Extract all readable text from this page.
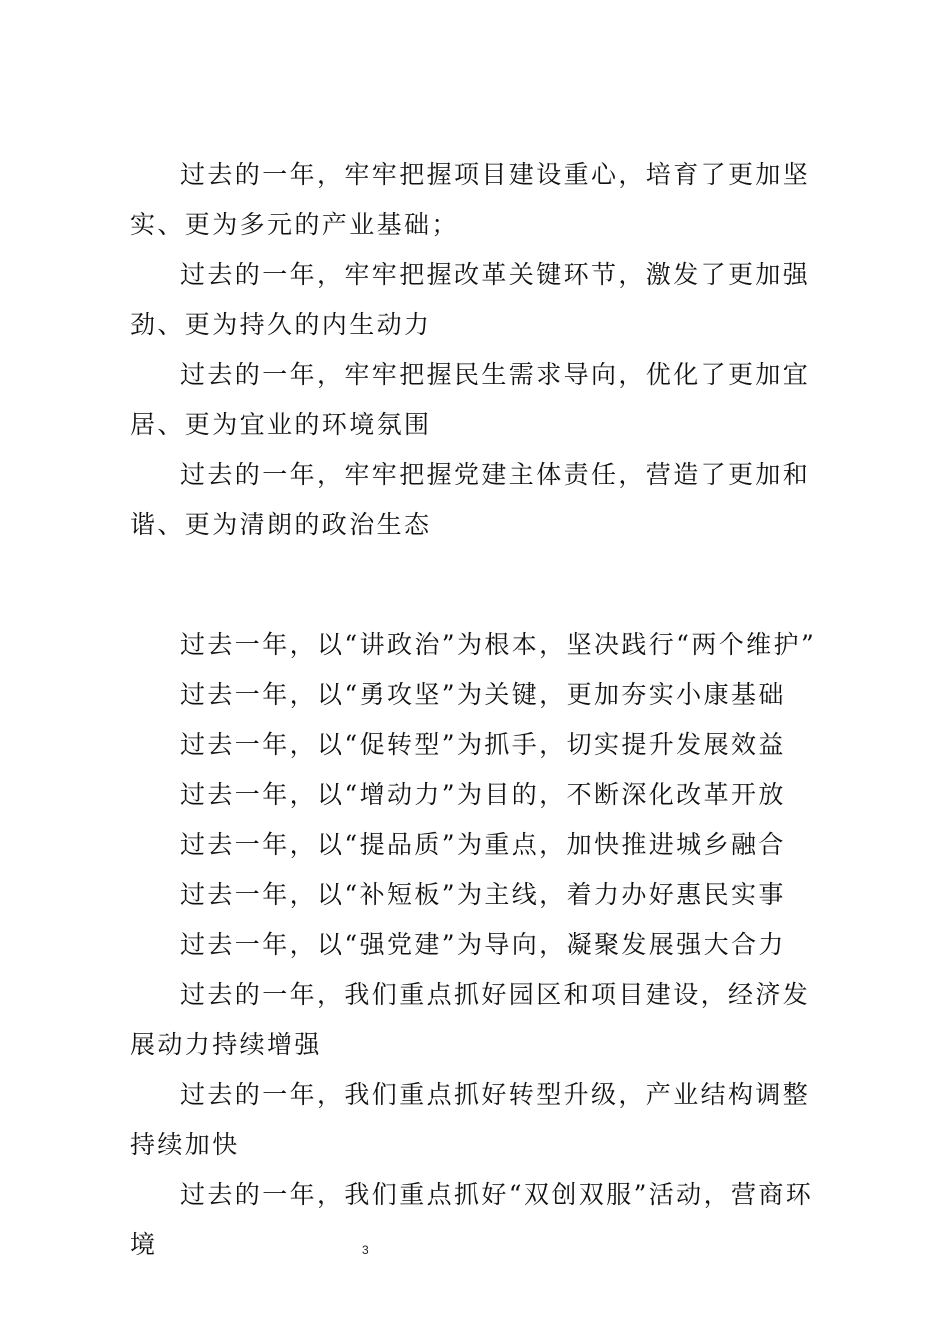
过去的一年，牢牢把握项目建设重心，培育了更加坚实、更为多元的产业基础；

过去的一年，牢牢把握改革关键环节，激发了更加强劲、更为持久的内生动力

过去的一年，牢牢把握民生需求导向，优化了更加宜居、更为宜业的环境氛围

过去的一年，牢牢把握党建主体责任，营造了更加和谐、更为清朗的政治生态

过去一年，以“讲政治”为根本，坚决践行“两个维护”

过去一年，以“勇攻坚”为关键，更加夯实小康基础

过去一年，以“促转型”为抓手，切实提升发展效益

过去一年，以“增动力”为目的，不断深化改革开放

过去一年，以“提品质”为重点，加快推进城乡融合

过去一年，以“补短板”为主线，着力办好惠民实事

过去一年，以“强党建”为导向，凝聚发展强大合力

过去的一年，我们重点抓好园区和项目建设，经济发展动力持续增强

过去的一年，我们重点抓好转型升级，产业结构调整持续加快

过去的一年，我们重点抓好“双创双服”活动，营商环境	3
